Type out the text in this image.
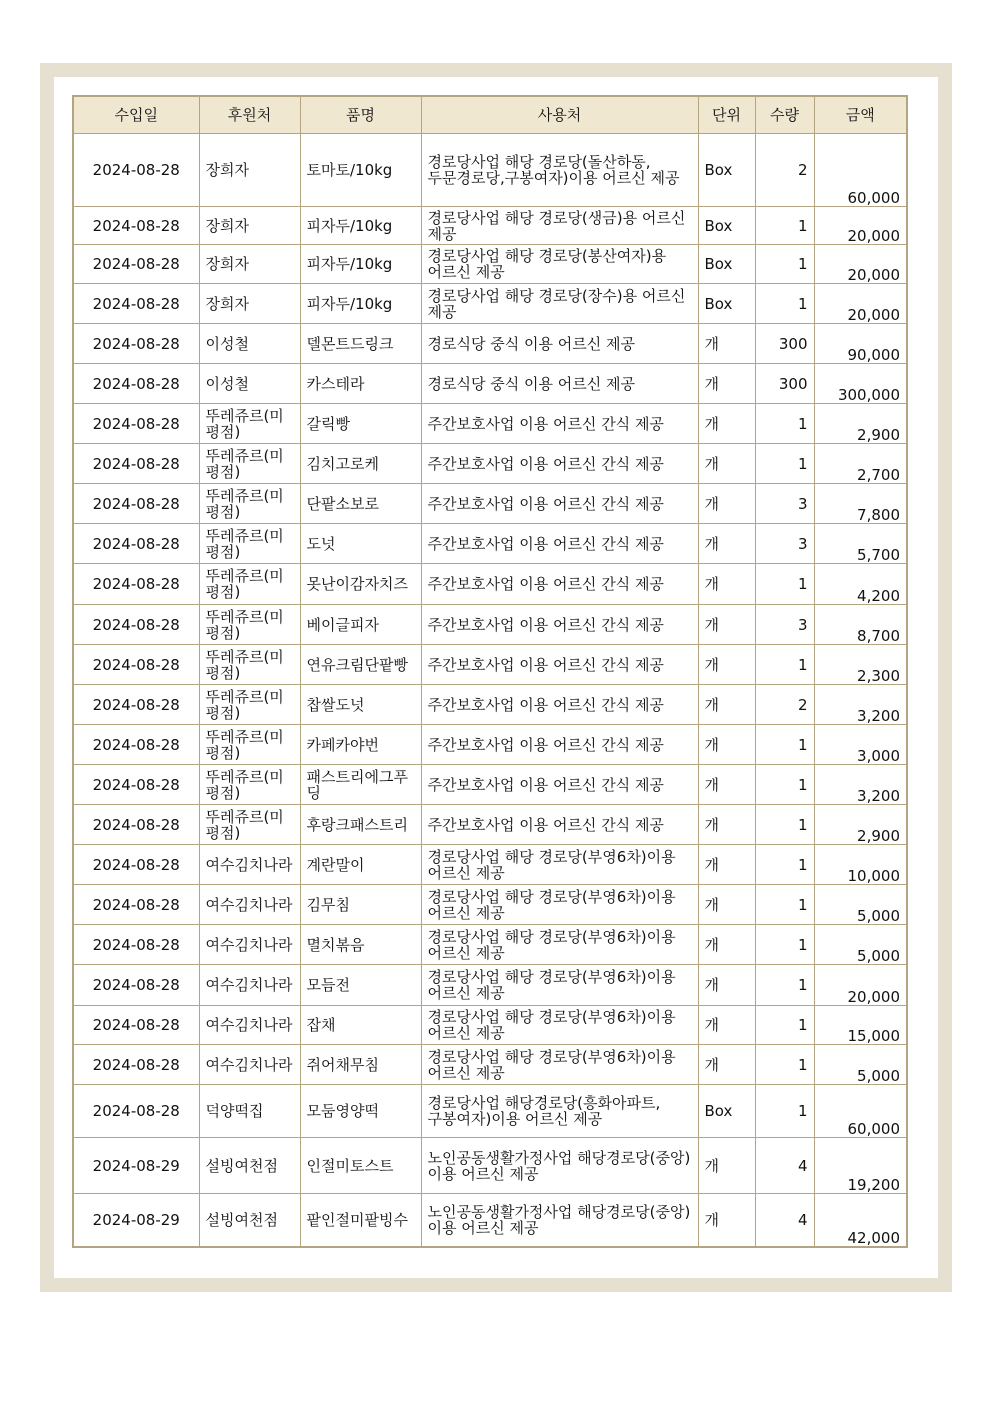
수입일	후원처	품명	사용처	단위	수량	금액
2024-08-28	장희자	토마토/10kg	경로당사업 해당 경로당(돌산하동, 두문경로당,구봉여자)이용 어르신 제공	Box	2	60,000
2024-08-28	장희자	피자두/10kg	경로당사업 해당 경로당(생금)용 어르신 제공	Box	1	20,000
2024-08-28	장희자	피자두/10kg	경로당사업 해당 경로당(봉산여자)용 어르신 제공	Box	1	20,000
2024-08-28	장희자	피자두/10kg	경로당사업 해당 경로당(장수)용 어르신 제공	Box	1	20,000
2024-08-28	이성철	델몬트드링크	경로식당 중식 이용 어르신 제공	개	300	90,000
2024-08-28	이성철	카스테라	경로식당 중식 이용 어르신 제공	개	300	300,000
2024-08-28	뚜레쥬르(미평점)	갈릭빵	주간보호사업 이용 어르신 간식 제공	개	1	2,900
2024-08-28	뚜레쥬르(미평점)	김치고로케	주간보호사업 이용 어르신 간식 제공	개	1	2,700
2024-08-28	뚜레쥬르(미평점)	단팥소보로	주간보호사업 이용 어르신 간식 제공	개	3	7,800
2024-08-28	뚜레쥬르(미평점)	도넛	주간보호사업 이용 어르신 간식 제공	개	3	5,700
2024-08-28	뚜레쥬르(미평점)	못난이감자치즈	주간보호사업 이용 어르신 간식 제공	개	1	4,200
2024-08-28	뚜레쥬르(미평점)	베이글피자	주간보호사업 이용 어르신 간식 제공	개	3	8,700
2024-08-28	뚜레쥬르(미평점)	연유크림단팥빵	주간보호사업 이용 어르신 간식 제공	개	1	2,300
2024-08-28	뚜레쥬르(미평점)	찹쌀도넛	주간보호사업 이용 어르신 간식 제공	개	2	3,200
2024-08-28	뚜레쥬르(미평점)	카페카야번	주간보호사업 이용 어르신 간식 제공	개	1	3,000
2024-08-28	뚜레쥬르(미평점)	패스트리에그푸딩	주간보호사업 이용 어르신 간식 제공	개	1	3,200
2024-08-28	뚜레쥬르(미평점)	후랑크패스트리	주간보호사업 이용 어르신 간식 제공	개	1	2,900
2024-08-28	여수김치나라	계란말이	경로당사업 해당 경로당(부영6차)이용 어르신 제공	개	1	10,000
2024-08-28	여수김치나라	김무침	경로당사업 해당 경로당(부영6차)이용 어르신 제공	개	1	5,000
2024-08-28	여수김치나라	멸치볶음	경로당사업 해당 경로당(부영6차)이용 어르신 제공	개	1	5,000
2024-08-28	여수김치나라	모듬전	경로당사업 해당 경로당(부영6차)이용 어르신 제공	개	1	20,000
2024-08-28	여수김치나라	잡채	경로당사업 해당 경로당(부영6차)이용 어르신 제공	개	1	15,000
2024-08-28	여수김치나라	쥐어채무침	경로당사업 해당 경로당(부영6차)이용 어르신 제공	개	1	5,000
2024-08-28	덕양떡집	모둠영양떡	경로당사업 해당경로당(흥화아파트, 구봉여자)이용 어르신 제공	Box	1	60,000
2024-08-29	설빙여천점	인절미토스트	노인공동생활가정사업 해당경로당(중앙)이용 어르신 제공	개	4	19,200
2024-08-29	설빙여천점	팥인절미팥빙수	노인공동생활가정사업 해당경로당(중앙)이용 어르신 제공	개	4	42,000
